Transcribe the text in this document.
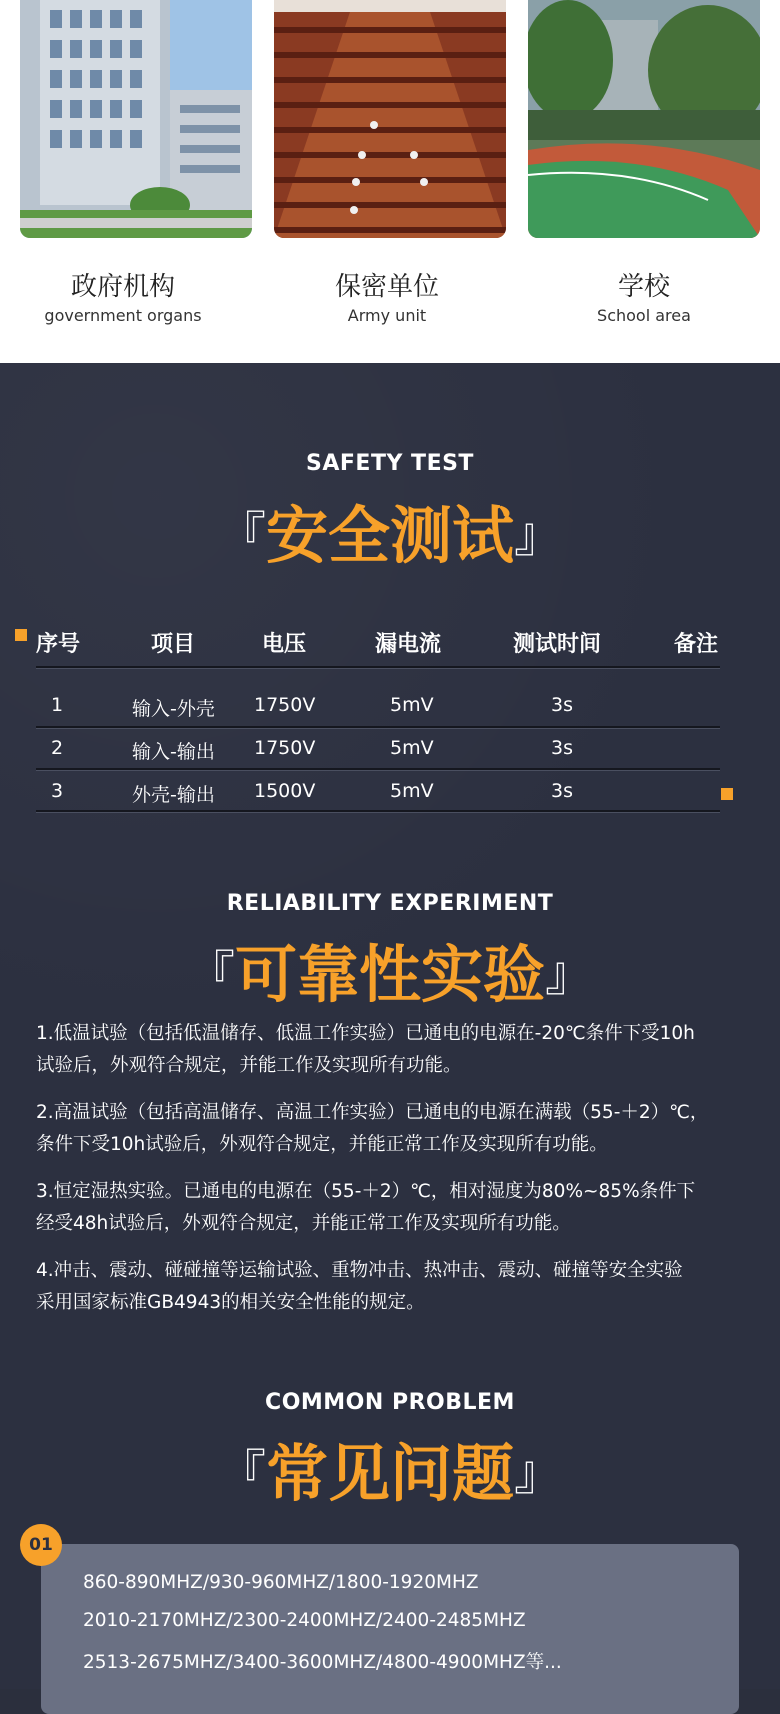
政府机构
government organs
保密单位
Army unit
学校
School area
SAFETY TEST
『安全测试』
序号	项目	电压	漏电流	测试时间	备注
1	输入-外壳 1750V	5mV	3s
2	输入-输出 1750V	5mV	3s
3	外壳-输出 1500V	5mV	3s
RELIABILITY EXPERIMENT
『可靠性实验』
1.低温试验（包括低温储存、低温工作实验）已通电的电源在-20℃条件下受10h
试验后，外观符合规定，并能工作及实现所有功能。
2.高温试验（包括高温储存、高温工作实验）已通电的电源在满载（55-＋2）℃，
条件下受10h试验后，外观符合规定，并能正常工作及实现所有功能。
3.恒定湿热实验。已通电的电源在（55-＋2）℃，相对湿度为80%~85%条件下
经受48h试验后，外观符合规定，并能正常工作及实现所有功能。
4.冲击、震动、碰碰撞等运输试验、重物冲击、热冲击、震动、碰撞等安全实验
采用国家标准GB4943的相关安全性能的规定。
COMMON PROBLEM
『常见问题』
01
860-890MHZ/930-960MHZ/1800-1920MHZ
2010-2170MHZ/2300-2400MHZ/2400-2485MHZ
2513-2675MHZ/3400-3600MHZ/4800-4900MHZ等...
